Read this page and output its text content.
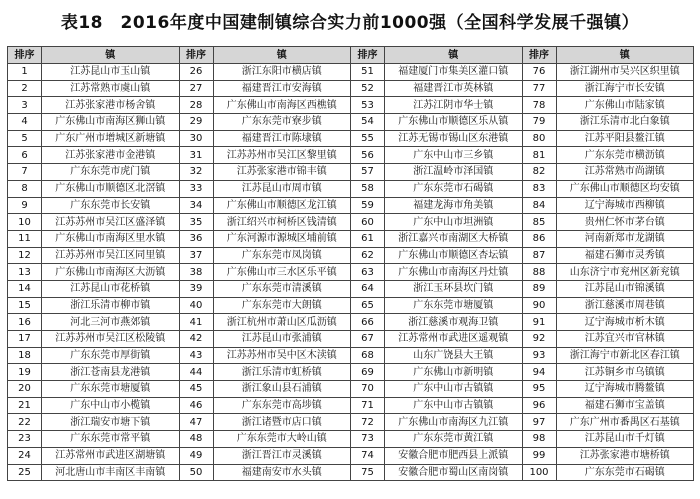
表18　2016年度中国建制镇综合实力前1000强（全国科学发展千强镇）
排序	镇	排序	镇	排序	镇	排序	镇
1	江苏昆山市玉山镇	26	浙江东阳市横店镇	51	福建厦门市集美区灌口镇	76	浙江湖州市吴兴区织里镇
2	江苏常熟市虞山镇	27	福建晋江市安海镇	52	福建晋江市英林镇	77	浙江海宁市长安镇
3	江苏张家港市杨舍镇	28	广东佛山市南海区西樵镇	53	江苏江阴市华士镇	78	广东佛山市陆家镇
4	广东佛山市南海区狮山镇	29	广东东莞市寮步镇	54	广东佛山市顺德区乐从镇	79	浙江乐清市北白象镇
5	广东广州市增城区新塘镇	30	福建晋江市陈埭镇	55	江苏无锡市锡山区东港镇	80	江苏平阳县鳌江镇
6	江苏张家港市金港镇	31	江苏苏州市吴江区黎里镇	56	广东中山市三乡镇	81	广东东莞市横沥镇
7	广东东莞市虎门镇	32	江苏张家港市锦丰镇	57	浙江温岭市泽国镇	82	江苏常熟市尚湖镇
8	广东佛山市顺德区北滘镇	33	江苏昆山市周市镇	58	广东东莞市石碣镇	83	广东佛山市顺德区均安镇
9	广东东莞市长安镇	34	广东佛山市顺德区龙江镇	59	福建龙海市角美镇	84	辽宁海城市西柳镇
10	江苏苏州市吴江区盛泽镇	35	浙江绍兴市柯桥区钱清镇	60	广东中山市坦洲镇	85	贵州仁怀市茅台镇
11	广东佛山市南海区里水镇	36	广东河源市源城区埔前镇	61	浙江嘉兴市南湖区大桥镇	86	河南新郑市龙湖镇
12	江苏苏州市吴江区同里镇	37	广东东莞市凤岗镇	62	广东佛山市顺德区杏坛镇	87	福建石狮市灵秀镇
13	广东佛山市南海区大沥镇	38	广东佛山市三水区乐平镇	63	广东佛山市南海区丹灶镇	88	山东济宁市兖州区新兖镇
14	江苏昆山市花桥镇	39	广东东莞市清溪镇	64	浙江玉环县坎门镇	89	江苏昆山市锦溪镇
15	浙江乐清市柳市镇	40	广东东莞市大朗镇	65	广东东莞市塘厦镇	90	浙江慈溪市周巷镇
16	河北三河市燕郊镇	41	浙江杭州市萧山区瓜沥镇	66	浙江慈溪市观海卫镇	91	辽宁海城市析木镇
17	江苏苏州市吴江区松陵镇	42	江苏昆山市张浦镇	67	江苏常州市武进区遥观镇	92	江苏宜兴市官林镇
18	广东东莞市厚街镇	43	江苏苏州市吴中区木渎镇	68	山东广饶县大王镇	93	浙江海宁市新北区春江镇
19	浙江苍南县龙港镇	44	浙江乐清市虹桥镇	69	广东佛山市新明镇	94	江苏铜乡市乌镇镇
20	广东东莞市塘厦镇	45	浙江象山县石浦镇	70	广东中山市古镇镇	95	辽宁海城市腾鳌镇
21	广东中山市小榄镇	46	广东东莞市高埗镇	71	广东中山市古镇镇	96	福建石狮市宝盖镇
22	浙江瑞安市塘下镇	47	浙江诸暨市店口镇	72	广东佛山市南海区九江镇	97	广东广州市番禺区石基镇
23	广东东莞市常平镇	48	广东东莞市大岭山镇	73	广东东莞市黄江镇	98	江苏昆山市千灯镇
24	江苏常州市武进区湖塘镇	49	浙江晋江市灵溪镇	74	安徽合肥市肥西县上派镇	99	江苏张家港市塘桥镇
25	河北唐山市丰南区丰南镇	50	福建南安市水头镇	75	安徽合肥市蜀山区南岗镇	100	广东东莞市石碣镇
